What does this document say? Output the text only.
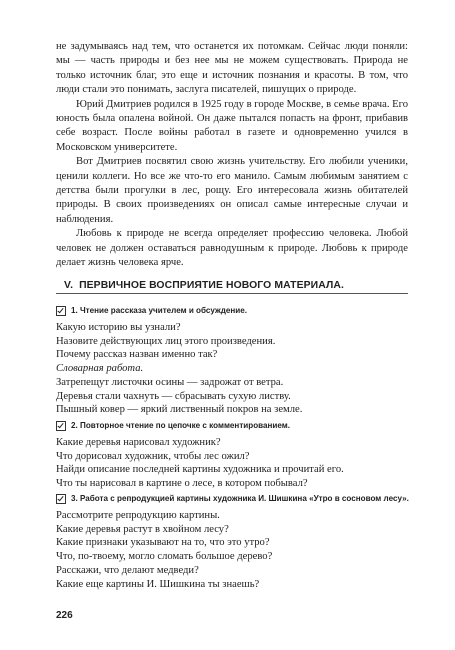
не задумываясь над тем, что останется их потомкам. Сейчас люди поняли: мы — часть природы и без нее мы не можем существовать. Природа не только источник благ, это еще и источник познания и красоты. В том, что люди стали это понимать, заслуга писателей, пишущих о природе.

Юрий Дмитриев родился в 1925 году в городе Москве, в семье врача. Его юность была опалена войной. Он даже пытался попасть на фронт, прибавив себе возраст. После войны работал в газете и одновременно учился в Московском университете.

Вот Дмитриев посвятил свою жизнь учительству. Его любили ученики, ценили коллеги. Но все же что-то его манило. Самым любимым занятием с детства были прогулки в лес, рощу. Его интересовала жизнь обитателей природы. В своих произведениях он описал самые интересные случаи и наблюдения.

Любовь к природе не всегда определяет профессию человека. Любой человек не должен оставаться равнодушным к природе. Любовь к природе делает жизнь человека ярче.

V. ПЕРВИЧНОЕ ВОСПРИЯТИЕ НОВОГО МАТЕРИАЛА.
1. Чтение рассказа учителем и обсуждение.
Какую историю вы узнали?
Назовите действующих лиц этого произведения.
Почему рассказ назван именно так?
Словарная работа.
Затрепещут листочки осины — задрожат от ветра.
Деревья стали чахнуть — сбрасывать сухую листву.
Пышный ковер — яркий лиственный покров на земле.
2. Повторное чтение по цепочке с комментированием.
Какие деревья нарисовал художник?
Что дорисовал художник, чтобы лес ожил?
Найди описание последней картины художника и прочитай его.
Что ты нарисовал в картине о лесе, в котором побывал?
3. Работа с репродукцией картины художника И. Шишкина «Утро в сосновом лесу».
Рассмотрите репродукцию картины.
Какие деревья растут в хвойном лесу?
Какие признаки указывают на то, что это утро?
Что, по-твоему, могло сломать большое дерево?
Расскажи, что делают медведи?
Какие еще картины И. Шишкина ты знаешь?
226
